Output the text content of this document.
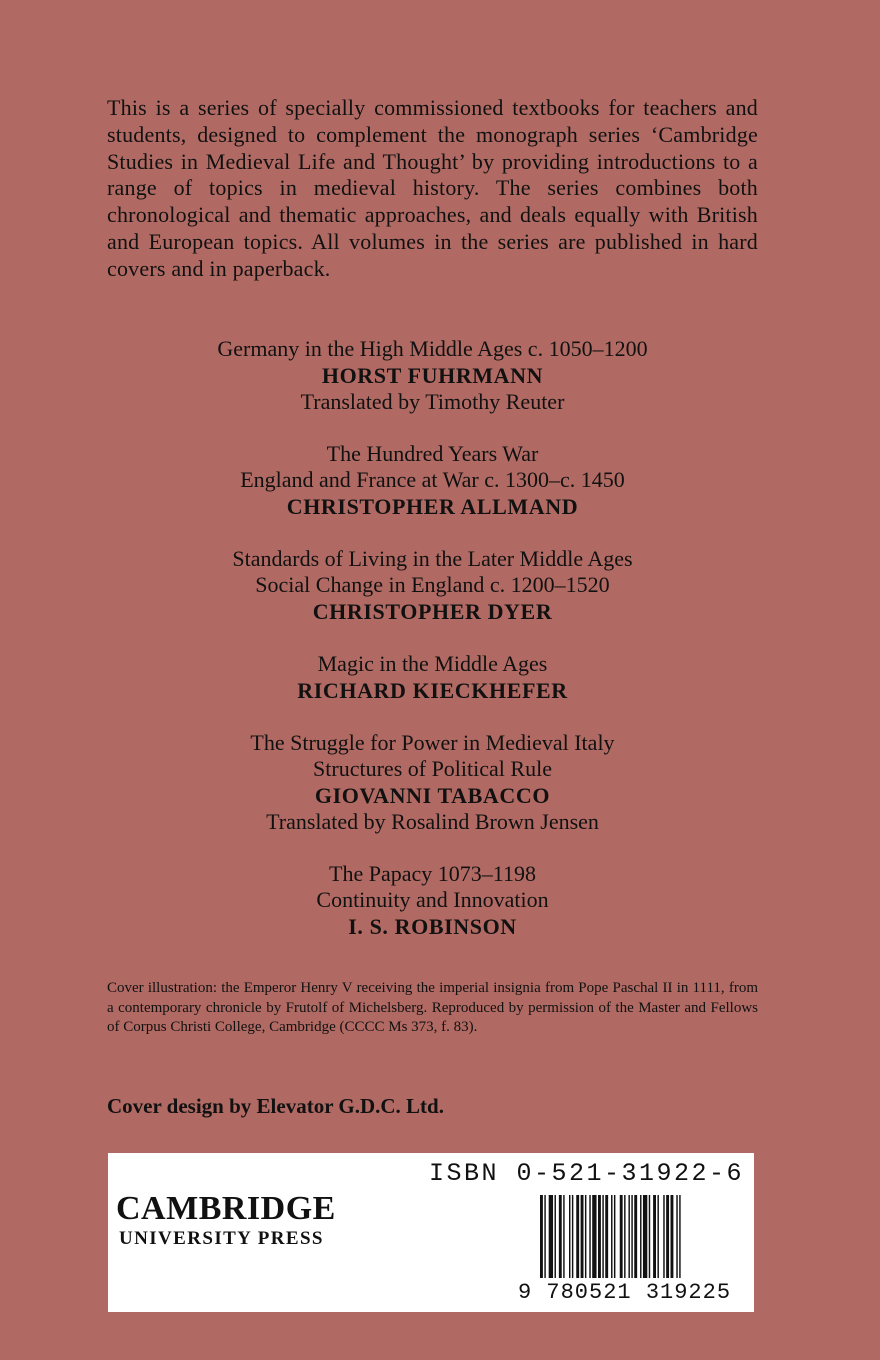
This is a series of specially commissioned textbooks for teachers and students, designed to complement the monograph series ‘Cambridge Studies in Medieval Life and Thought’ by providing introductions to a range of topics in medieval history. The series combines both chronological and thematic approaches, and deals equally with British and European topics. All volumes in the series are published in hard covers and in paperback.
Germany in the High Middle Ages c. 1050–1200
HORST FUHRMANN
Translated by Timothy Reuter
The Hundred Years War
England and France at War c. 1300–c. 1450
CHRISTOPHER ALLMAND
Standards of Living in the Later Middle Ages
Social Change in England c. 1200–1520
CHRISTOPHER DYER
Magic in the Middle Ages
RICHARD KIECKHEFER
The Struggle for Power in Medieval Italy
Structures of Political Rule
GIOVANNI TABACCO
Translated by Rosalind Brown Jensen
The Papacy 1073–1198
Continuity and Innovation
I. S. ROBINSON
Cover illustration: the Emperor Henry V receiving the imperial insignia from Pope Paschal II in 1111, from a contemporary chronicle by Frutolf of Michelsberg. Reproduced by permission of the Master and Fellows of Corpus Christi College, Cambridge (CCCC Ms 373, f. 83).
Cover design by Elevator G.D.C. Ltd.
CAMBRIDGE
UNIVERSITY PRESS
ISBN 0-521-31922-6
9 780521 319225
